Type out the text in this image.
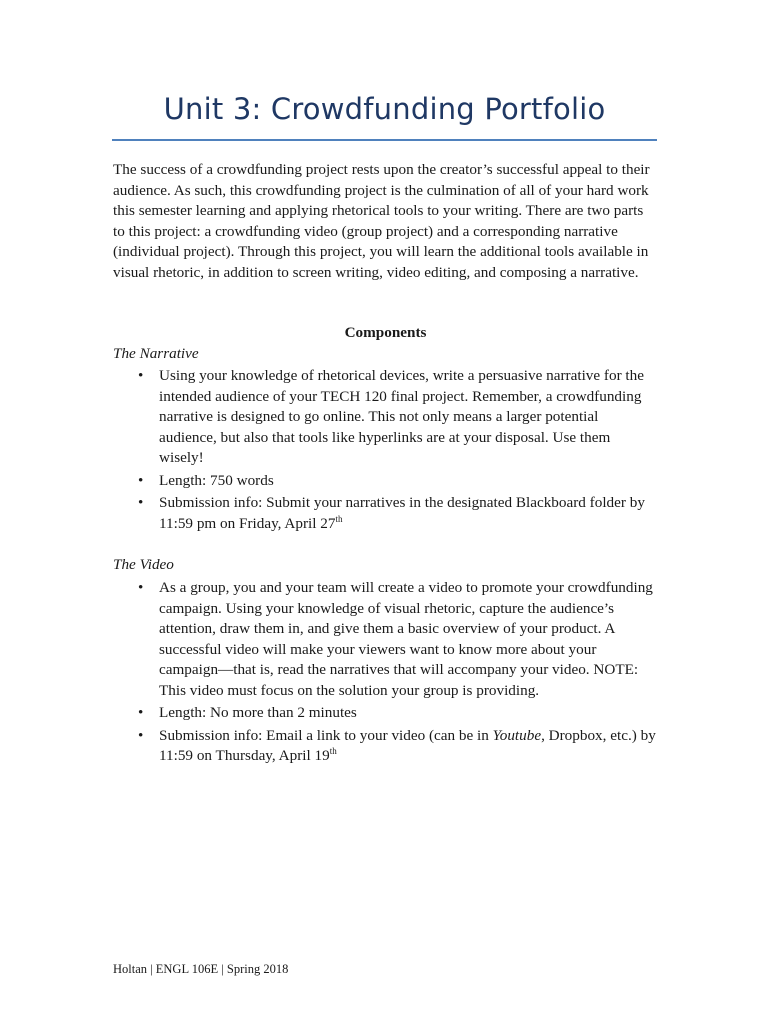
Unit 3: Crowdfunding Portfolio

The success of a crowdfunding project rests upon the creator’s successful appeal to their audience. As such, this crowdfunding project is the culmination of all of your hard work this semester learning and applying rhetorical tools to your writing. There are two parts to this project: a crowdfunding video (group project) and a corresponding narrative (individual project). Through this project, you will learn the additional tools available in visual rhetoric, in addition to screen writing, video editing, and composing a narrative.

Components

The Narrative

• Using your knowledge of rhetorical devices, write a persuasive narrative for the intended audience of your TECH 120 final project. Remember, a crowdfunding narrative is designed to go online. This not only means a larger potential audience, but also that tools like hyperlinks are at your disposal. Use them wisely!
• Length: 750 words
• Submission info: Submit your narratives in the designated Blackboard folder by 11:59 pm on Friday, April 27th

The Video

• As a group, you and your team will create a video to promote your crowdfunding campaign. Using your knowledge of visual rhetoric, capture the audience’s attention, draw them in, and give them a basic overview of your product. A successful video will make your viewers want to know more about your campaign—that is, read the narratives that will accompany your video. NOTE: This video must focus on the solution your group is providing.
• Length: No more than 2 minutes
• Submission info: Email a link to your video (can be in Youtube, Dropbox, etc.) by 11:59 on Thursday, April 19th

Holtan | ENGL 106E | Spring 2018
